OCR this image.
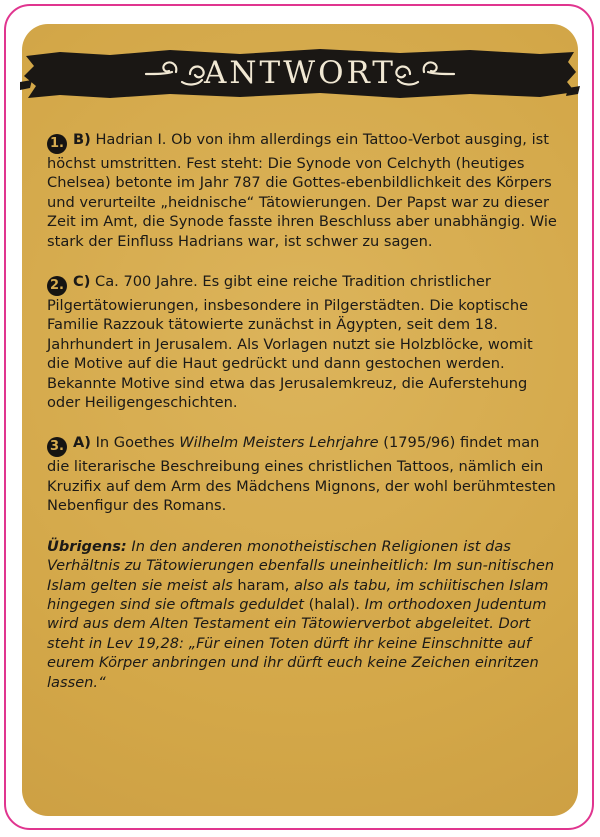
ANTWORT

1. B) Hadrian I. Ob von ihm allerdings ein Tattoo-Verbot ausging, ist höchst umstritten. Fest steht: Die Synode von Celchyth (heutiges Chelsea) betonte im Jahr 787 die Gottes-ebenbildlichkeit des Körpers und verurteilte „heidnische“ Tätowierungen. Der Papst war zu dieser Zeit im Amt, die Synode fasste ihren Beschluss aber unabhängig. Wie stark der Einfluss Hadrians war, ist schwer zu sagen.

2. C) Ca. 700 Jahre. Es gibt eine reiche Tradition christlicher Pilgertätowierungen, insbesondere in Pilgerstädten. Die koptische Familie Razzouk tätowierte zunächst in Ägypten, seit dem 18. Jahrhundert in Jerusalem. Als Vorlagen nutzt sie Holzblöcke, womit die Motive auf die Haut gedrückt und dann gestochen werden.
Bekannte Motive sind etwa das Jerusalemkreuz, die Auferstehung oder Heiligengeschichten.

3. A) In Goethes Wilhelm Meisters Lehrjahre (1795/96) findet man die literarische Beschreibung eines christlichen Tattoos, nämlich ein Kruzifix auf dem Arm des Mädchens Mignons, der wohl berühmtesten Nebenfigur des Romans.

Übrigens: In den anderen monotheistischen Religionen ist das Verhältnis zu Tätowierungen ebenfalls uneinheitlich: Im sun-nitischen Islam gelten sie meist als haram, also als tabu, im schiitischen Islam hingegen sind sie oftmals geduldet (halal). Im orthodoxen Judentum wird aus dem Alten Testament ein Tätowierverbot abgeleitet. Dort steht in Lev 19,28: „Für einen Toten dürft ihr keine Einschnitte auf eurem Körper anbringen und ihr dürft euch keine Zeichen einritzen lassen.“
